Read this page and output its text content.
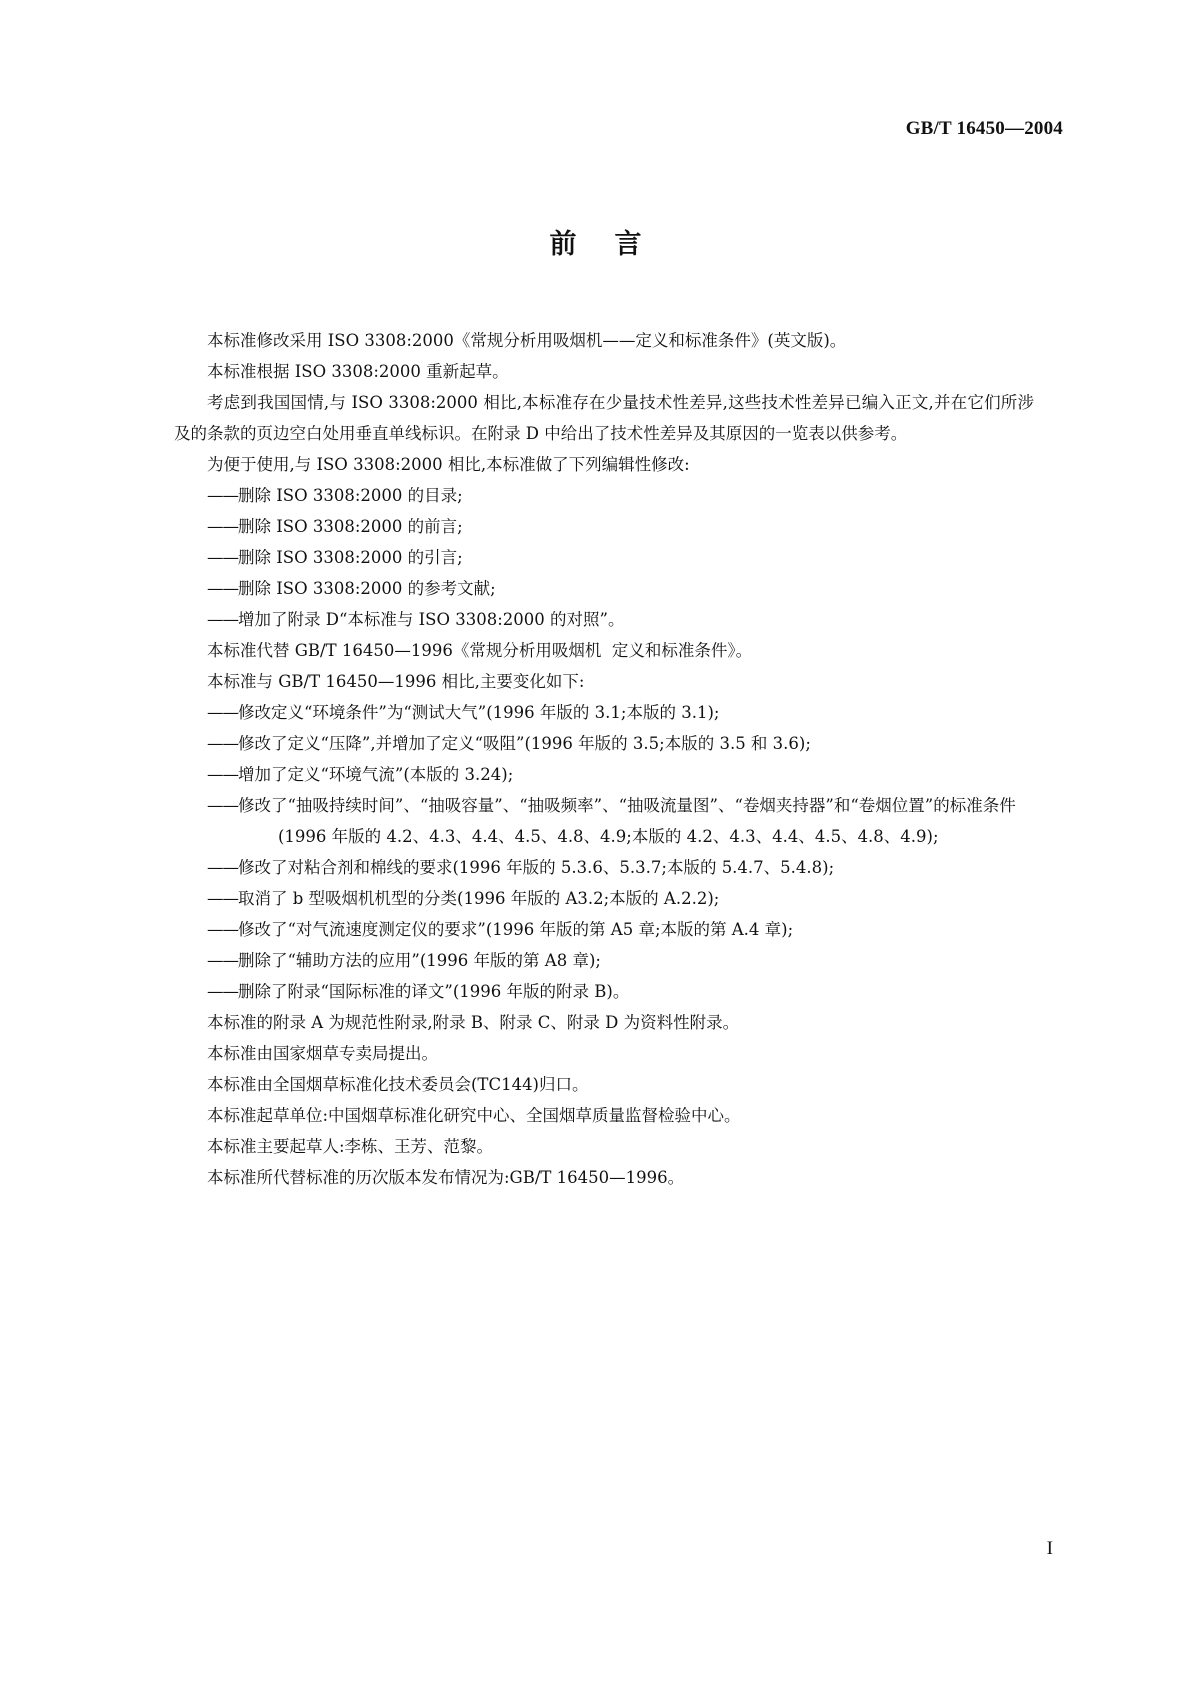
GB/T 16450—2004
前言

本标准修改采用 ISO 3308:2000《常规分析用吸烟机——定义和标准条件》(英文版)。

本标准根据 ISO 3308:2000 重新起草。

考虑到我国国情,与 ISO 3308:2000 相比,本标准存在少量技术性差异,这些技术性差异已编入正文,并在它们所涉及的条款的页边空白处用垂直单线标识。在附录 D 中给出了技术性差异及其原因的一览表以供参考。

为便于使用,与 ISO 3308:2000 相比,本标准做了下列编辑性修改:

——删除 ISO 3308:2000 的目录;

——删除 ISO 3308:2000 的前言;

——删除 ISO 3308:2000 的引言;

——删除 ISO 3308:2000 的参考文献;

——增加了附录 D“本标准与 ISO 3308:2000 的对照”。

本标准代替 GB/T 16450—1996《常规分析用吸烟机  定义和标准条件》。

本标准与 GB/T 16450—1996 相比,主要变化如下:

——修改定义“环境条件”为“测试大气”(1996 年版的 3.1;本版的 3.1);

——修改了定义“压降”,并增加了定义“吸阻”(1996 年版的 3.5;本版的 3.5 和 3.6);

——增加了定义“环境气流”(本版的 3.24);

——修改了“抽吸持续时间”、“抽吸容量”、“抽吸频率”、“抽吸流量图”、“卷烟夹持器”和“卷烟位置”的标准条件(1996 年版的 4.2、4.3、4.4、4.5、4.8、4.9;本版的 4.2、4.3、4.4、4.5、4.8、4.9);

——修改了对粘合剂和棉线的要求(1996 年版的 5.3.6、5.3.7;本版的 5.4.7、5.4.8);

——取消了 b 型吸烟机机型的分类(1996 年版的 A3.2;本版的 A.2.2);

——修改了“对气流速度测定仪的要求”(1996 年版的第 A5 章;本版的第 A.4 章);

——删除了“辅助方法的应用”(1996 年版的第 A8 章);

——删除了附录“国际标准的译文”(1996 年版的附录 B)。

本标准的附录 A 为规范性附录,附录 B、附录 C、附录 D 为资料性附录。

本标准由国家烟草专卖局提出。

本标准由全国烟草标准化技术委员会(TC144)归口。

本标准起草单位:中国烟草标准化研究中心、全国烟草质量监督检验中心。

本标准主要起草人:李栋、王芳、范黎。

本标准所代替标准的历次版本发布情况为:GB/T 16450—1996。

I
